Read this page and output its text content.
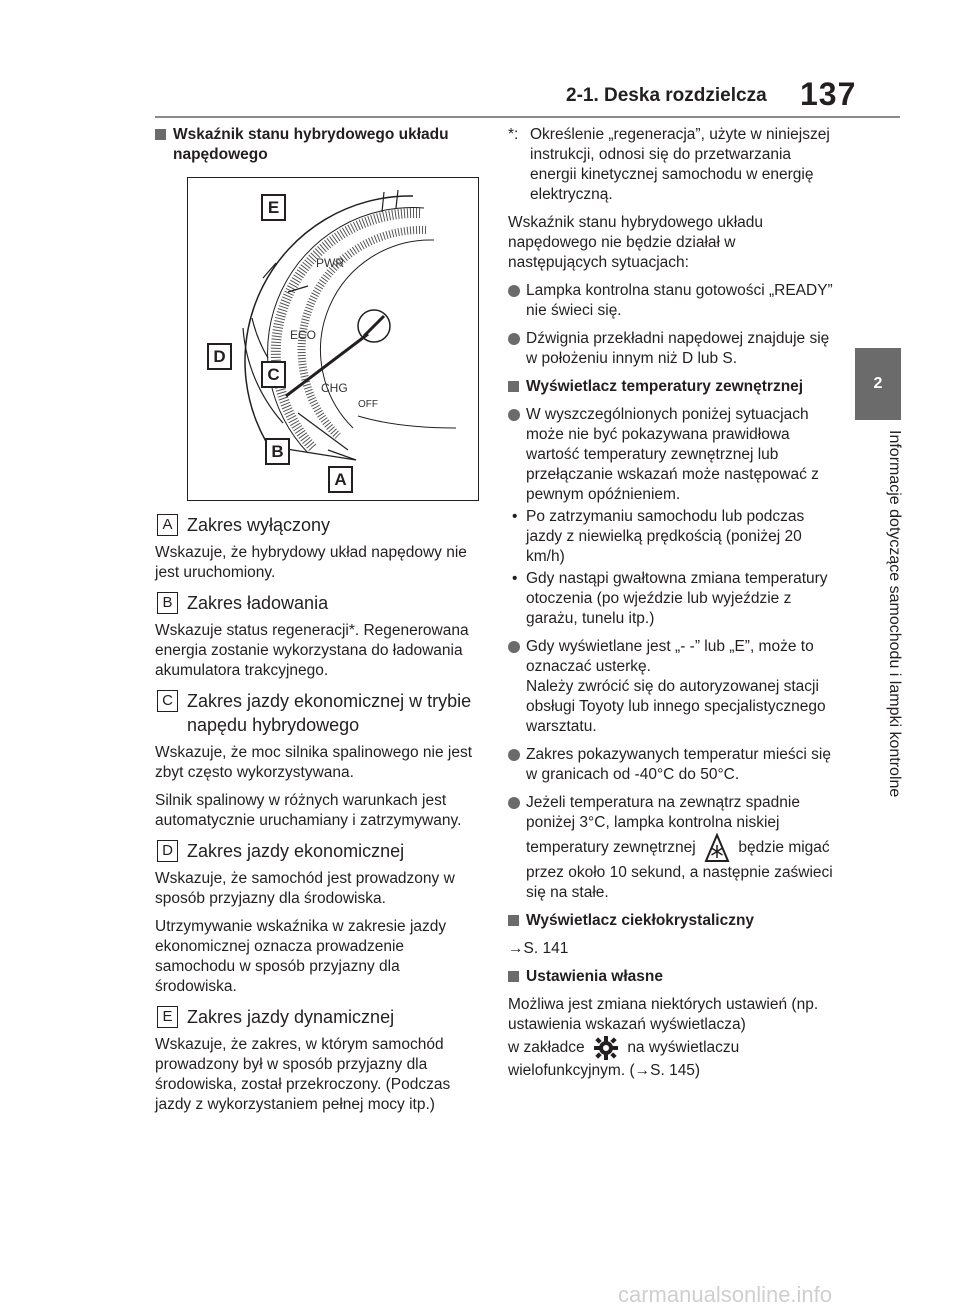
2-1. Deska rozdzielcza 137
2
Informacje dotyczące samochodu i lampki kontrolne
Wskaźnik stanu hybrydowego układu napędowego
E
D
C
B
A
PWR
ECO
CHG
OFF
A Zakres wyłączony

Wskazuje, że hybrydowy układ napędowy nie jest uruchomiony.

B Zakres ładowania

Wskazuje status regeneracji*. Regenerowana energia zostanie wykorzystana do ładowania akumulatora trakcyjnego.

C Zakres jazdy ekonomicznej w trybie napędu hybrydowego

Wskazuje, że moc silnika spalinowego nie jest zbyt często wykorzystywana.

Silnik spalinowy w różnych warunkach jest automatycznie uruchamiany i zatrzymywany.

D Zakres jazdy ekonomicznej

Wskazuje, że samochód jest prowadzony w sposób przyjazny dla środowiska.

Utrzymywanie wskaźnika w zakresie jazdy ekonomicznej oznacza prowadzenie samochodu w sposób przyjazny dla środowiska.

E Zakres jazdy dynamicznej

Wskazuje, że zakres, w którym samochód prowadzony był w sposób przyjazny dla środowiska, został przekroczony. (Podczas jazdy z wykorzystaniem pełnej mocy itp.)

*: Określenie „regeneracja”, użyte w niniejszej instrukcji, odnosi się do przetwarzania energii kinetycznej samochodu w energię elektryczną.

Wskaźnik stanu hybrydowego układu napędowego nie będzie działał w następujących sytuacjach:

Lampka kontrolna stanu gotowości „READY” nie świeci się.
Dźwignia przekładni napędowej znajduje się w położeniu innym niż D lub S.
Wyświetlacz temperatury zewnętrznej
W wyszczególnionych poniżej sytuacjach może nie być pokazywana prawidłowa wartość temperatury zewnętrznej lub przełączanie wskazań może następować z pewnym opóźnieniem.
• Po zatrzymaniu samochodu lub podczas jazdy z niewielką prędkością (poniżej 20 km/h)
• Gdy nastąpi gwałtowna zmiana temperatury otoczenia (po wjeździe lub wyjeździe z garażu, tunelu itp.)
Gdy wyświetlane jest „- -” lub „E”, może to oznaczać usterkę.
Należy zwrócić się do autoryzowanej stacji obsługi Toyoty lub innego specjalistycznego warsztatu.
Zakres pokazywanych temperatur mieści się w granicach od -40°C do 50°C.
Jeżeli temperatura na zewnątrz spadnie poniżej 3°C, lampka kontrolna niskiej temperatury zewnętrznej	będzie migać przez około 10 sekund, a następnie zaświeci się na stałe.
Wyświetlacz ciekłokrystaliczny

→S. 141

Ustawienia własne

Możliwa jest zmiana niektórych ustawień (np. ustawienia wskazań wyświetlacza)
w zakładce	na wyświetlaczu wielofunkcyjnym. (→S. 145)

carmanualsonline.info
